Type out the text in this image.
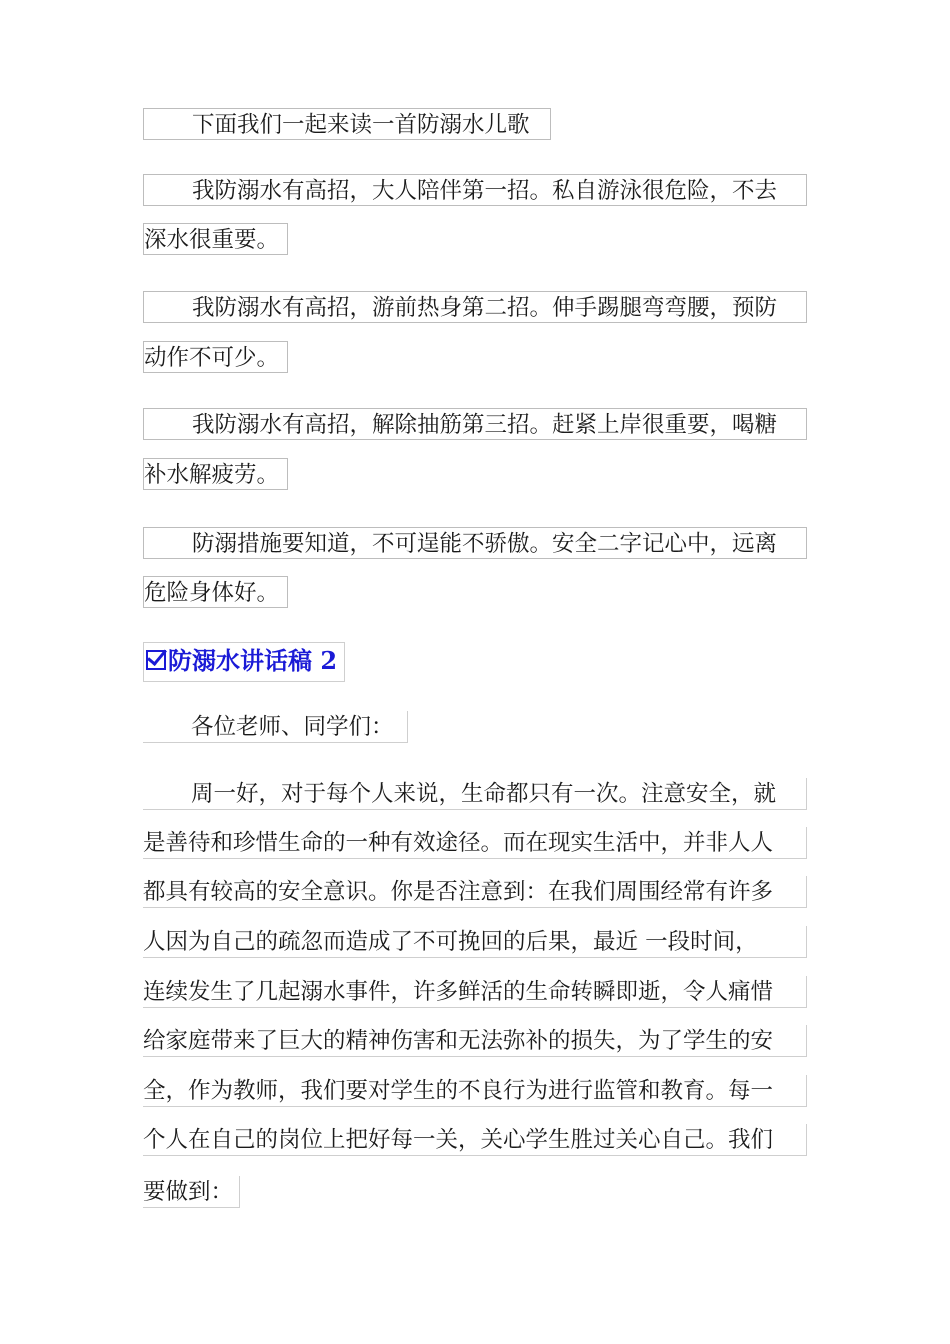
下面我们一起来读一首防溺水儿歌
我防溺水有高招，大人陪伴第一招。私自游泳很危险，不去
深水很重要。
我防溺水有高招，游前热身第二招。伸手踢腿弯弯腰，预防
动作不可少。
我防溺水有高招，解除抽筋第三招。赶紧上岸很重要，喝糖
补水解疲劳。
防溺措施要知道，不可逞能不骄傲。安全二字记心中，远离
危险身体好。
防溺水讲话稿 2
各位老师、同学们：
周一好，对于每个人来说，生命都只有一次。注意安全，就
是善待和珍惜生命的一种有效途径。而在现实生活中，并非人人
都具有较高的安全意识。你是否注意到：在我们周围经常有许多
人因为自己的疏忽而造成了不可挽回的后果，最近 一段时间，
连续发生了几起溺水事件，许多鲜活的生命转瞬即逝，令人痛惜
给家庭带来了巨大的精神伤害和无法弥补的损失，为了学生的安
全，作为教师，我们要对学生的不良行为进行监管和教育。每一
个人在自己的岗位上把好每一关，关心学生胜过关心自己。我们
要做到：
